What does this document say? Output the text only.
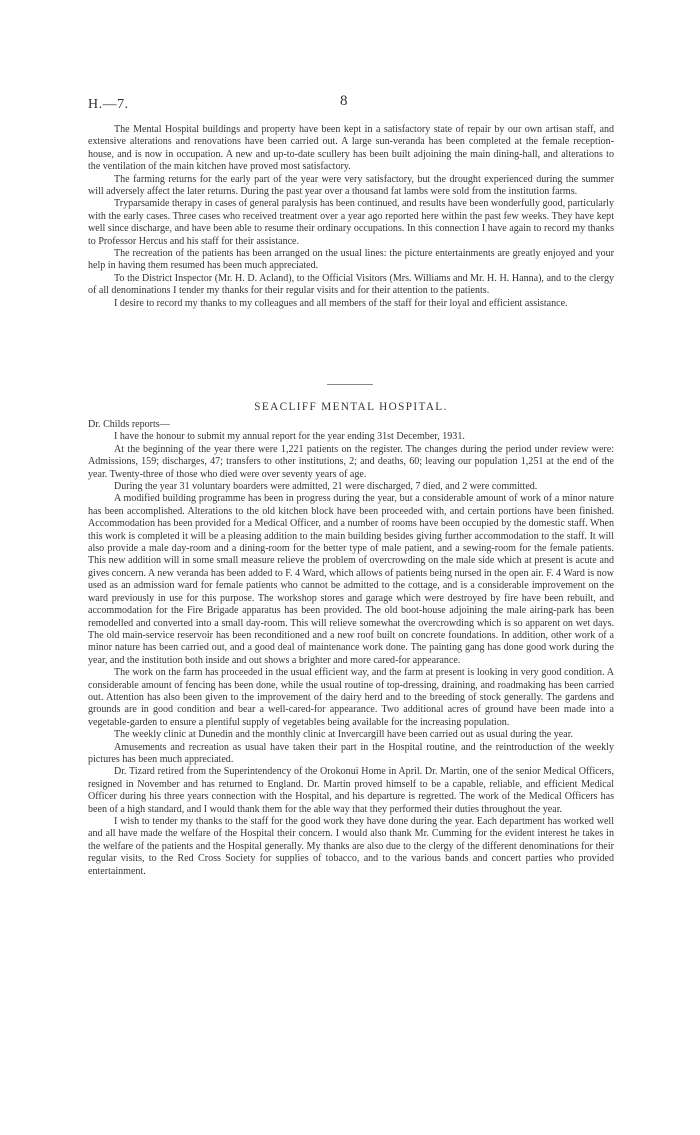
H.—7.	8

The Mental Hospital buildings and property have been kept in a satisfactory state of repair by our own artisan staff, and extensive alterations and renovations have been carried out. A large sun-veranda has been completed at the female reception-house, and is now in occupation. A new and up-to-date scullery has been built adjoining the main dining-hall, and alterations to the ventilation of the main kitchen have proved most satisfactory.

The farming returns for the early part of the year were very satisfactory, but the drought experienced during the summer will adversely affect the later returns. During the past year over a thousand fat lambs were sold from the institution farms.

Tryparsamide therapy in cases of general paralysis has been continued, and results have been wonderfully good, particularly with the early cases. Three cases who received treatment over a year ago reported here within the past few weeks. They have kept well since discharge, and have been able to resume their ordinary occupations. In this connection I have again to record my thanks to Professor Hercus and his staff for their assistance.

The recreation of the patients has been arranged on the usual lines: the picture entertainments are greatly enjoyed and your help in having them resumed has been much appreciated.

To the District Inspector (Mr. H. D. Acland), to the Official Visitors (Mrs. Williams and Mr. H. H. Hanna), and to the clergy of all denominations I tender my thanks for their regular visits and for their attention to the patients.

I desire to record my thanks to my colleagues and all members of the staff for their loyal and efficient assistance.

SEACLIFF MENTAL HOSPITAL.

Dr. Childs reports—

I have the honour to submit my annual report for the year ending 31st December, 1931.

At the beginning of the year there were 1,221 patients on the register. The changes during the period under review were: Admissions, 159; discharges, 47; transfers to other institutions, 2; and deaths, 60; leaving our population 1,251 at the end of the year. Twenty-three of those who died were over seventy years of age.

During the year 31 voluntary boarders were admitted, 21 were discharged, 7 died, and 2 were committed.

A modified building programme has been in progress during the year, but a considerable amount of work of a minor nature has been accomplished. Alterations to the old kitchen block have been proceeded with, and certain portions have been finished. Accommodation has been provided for a Medical Officer, and a number of rooms have been occupied by the domestic staff. When this work is completed it will be a pleasing addition to the main building besides giving further accommodation to the staff. It will also provide a male day-room and a dining-room for the better type of male patient, and a sewing-room for the female patients. This new addition will in some small measure relieve the problem of overcrowding on the male side which at present is acute and gives concern. A new veranda has been added to F. 4 Ward, which allows of patients being nursed in the open air. F. 4 Ward is now used as an admission ward for female patients who cannot be admitted to the cottage, and is a considerable improvement on the ward previously in use for this purpose. The workshop stores and garage which were destroyed by fire have been rebuilt, and accommodation for the Fire Brigade apparatus has been provided. The old boot-house adjoining the male airing-park has been remodelled and converted into a small day-room. This will relieve somewhat the overcrowding which is so apparent on wet days. The old main-service reservoir has been reconditioned and a new roof built on concrete foundations. In addition, other work of a minor nature has been carried out, and a good deal of maintenance work done. The painting gang has done good work during the year, and the institution both inside and out shows a brighter and more cared-for appearance.

The work on the farm has proceeded in the usual efficient way, and the farm at present is looking in very good condition. A considerable amount of fencing has been done, while the usual routine of top-dressing, draining, and roadmaking has been carried out. Attention has also been given to the improvement of the dairy herd and to the breeding of stock generally. The gardens and grounds are in good condition and bear a well-cared-for appearance. Two additional acres of ground have been made into a vegetable-garden to ensure a plentiful supply of vegetables being available for the increasing population.

The weekly clinic at Dunedin and the monthly clinic at Invercargill have been carried out as usual during the year.

Amusements and recreation as usual have taken their part in the Hospital routine, and the reintroduction of the weekly pictures has been much appreciated.

Dr. Tizard retired from the Superintendency of the Orokonui Home in April. Dr. Martin, one of the senior Medical Officers, resigned in November and has returned to England. Dr. Martin proved himself to be a capable, reliable, and efficient Medical Officer during his three years connection with the Hospital, and his departure is regretted. The work of the Medical Officers has been of a high standard, and I would thank them for the able way that they performed their duties throughout the year.

I wish to tender my thanks to the staff for the good work they have done during the year. Each department has worked well and all have made the welfare of the Hospital their concern. I would also thank Mr. Cumming for the evident interest he takes in the welfare of the patients and the Hospital generally. My thanks are also due to the clergy of the different denominations for their regular visits, to the Red Cross Society for supplies of tobacco, and to the various bands and concert parties who provided entertainment.
